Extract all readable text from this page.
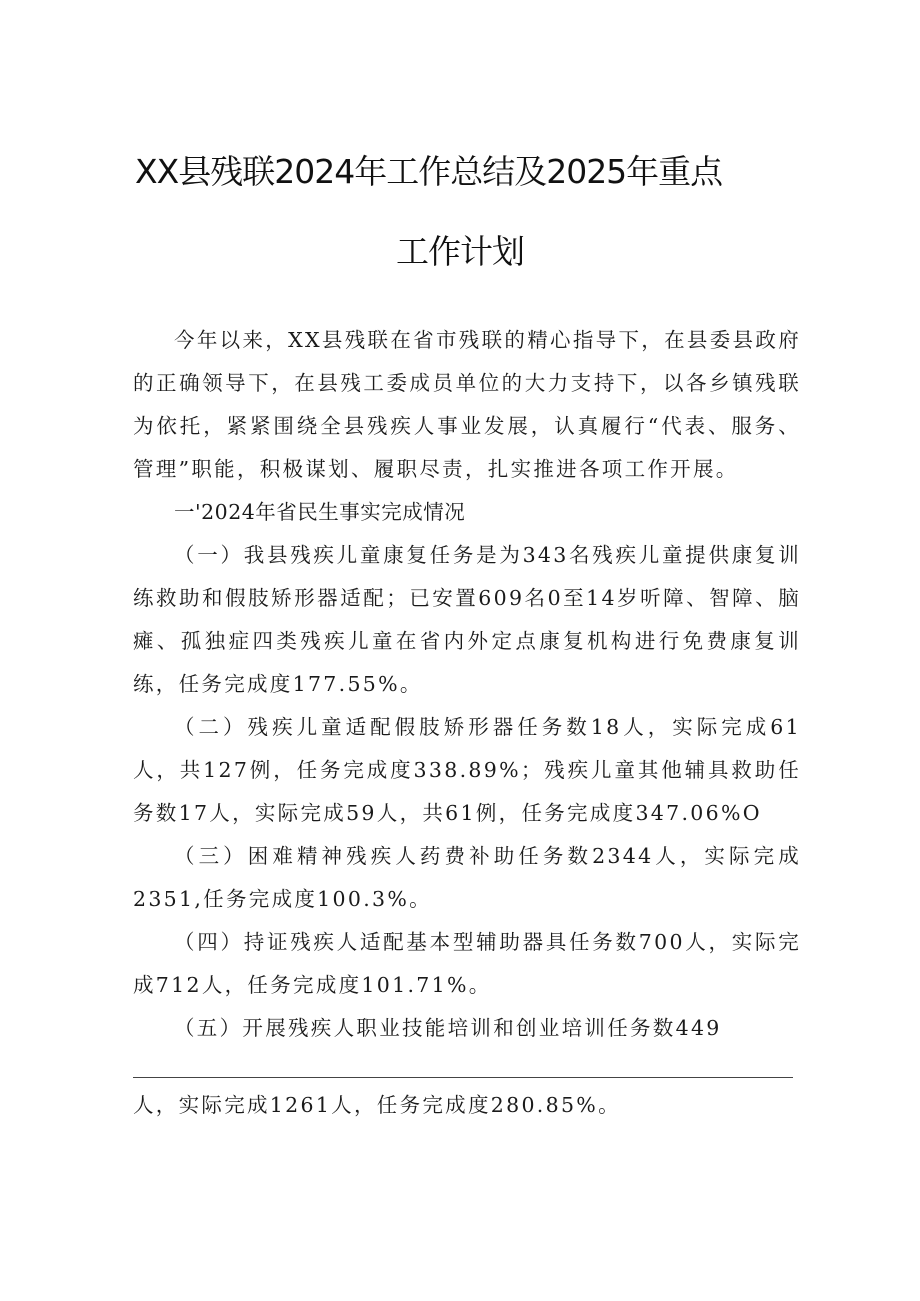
XX县残联2024年工作总结及2025年重点
工作计划

今年以来，XX县残联在省市残联的精心指导下，在县委县政府的正确领导下，在县残工委成员单位的大力支持下，以各乡镇残联为依托，紧紧围绕全县残疾人事业发展，认真履行“代表、服务、管理”职能，积极谋划、履职尽责，扎实推进各项工作开展。

一'2024年省民生事实完成情况

（一）我县残疾儿童康复任务是为343名残疾儿童提供康复训练救助和假肢矫形器适配；已安置609名0至14岁听障、智障、脑瘫、孤独症四类残疾儿童在省内外定点康复机构进行免费康复训练，任务完成度177.55%。

（二）残疾儿童适配假肢矫形器任务数18人，实际完成61人，共127例，任务完成度338.89%；残疾儿童其他辅具救助任务数17人，实际完成59人，共61例，任务完成度347.06%O

（三）困难精神残疾人药费补助任务数2344人，实际完成2351,任务完成度100.3%。

（四）持证残疾人适配基本型辅助器具任务数700人，实际完成712人，任务完成度101.71%。

（五）开展残疾人职业技能培训和创业培训任务数449

人，实际完成1261人，任务完成度280.85%。
